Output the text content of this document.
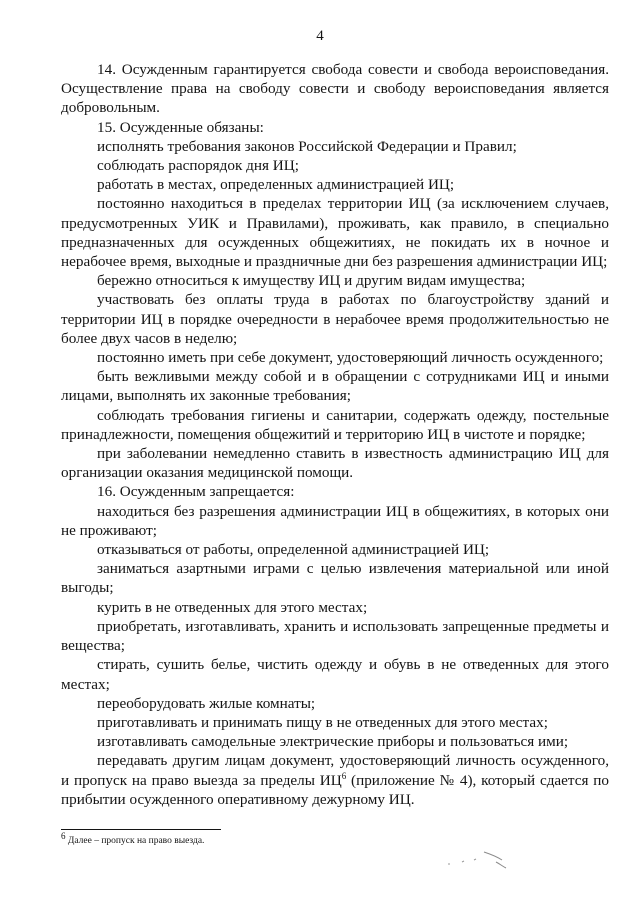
4

14. Осужденным гарантируется свобода совести и свобода вероисповедания. Осуществление права на свободу совести и свободу вероисповедания является добровольным.

15. Осужденные обязаны:

исполнять требования законов Российской Федерации и Правил;

соблюдать распорядок дня ИЦ;

работать в местах, определенных администрацией ИЦ;

постоянно находиться в пределах территории ИЦ (за исключением случаев, предусмотренных УИК и Правилами), проживать, как правило, в специально предназначенных для осужденных общежитиях, не покидать их в ночное и нерабочее время, выходные и праздничные дни без разрешения администрации ИЦ;

бережно относиться к имуществу ИЦ и другим видам имущества;

участвовать без оплаты труда в работах по благоустройству зданий и территории ИЦ в порядке очередности в нерабочее время продолжительностью не более двух часов в неделю;

постоянно иметь при себе документ, удостоверяющий личность осужденного;

быть вежливыми между собой и в обращении с сотрудниками ИЦ и иными лицами, выполнять их законные требования;

соблюдать требования гигиены и санитарии, содержать одежду, постельные принадлежности, помещения общежитий и территорию ИЦ в чистоте и порядке;

при заболевании немедленно ставить в известность администрацию ИЦ для организации оказания медицинской помощи.

16. Осужденным запрещается:

находиться без разрешения администрации ИЦ в общежитиях, в которых они не проживают;

отказываться от работы, определенной администрацией ИЦ;

заниматься азартными играми с целью извлечения материальной или иной выгоды;

курить в не отведенных для этого местах;

приобретать, изготавливать, хранить и использовать запрещенные предметы и вещества;

стирать, сушить белье, чистить одежду и обувь в не отведенных для этого местах;

переоборудовать жилые комнаты;

приготавливать и принимать пищу в не отведенных для этого местах;

изготавливать самодельные электрические приборы и пользоваться ими;

передавать другим лицам документ, удостоверяющий личность осужденного, и пропуск на право выезда за пределы $ИЦ^6$ (приложение № 4), который сдается по прибытии осужденного оперативному дежурному ИЦ.

$^6$ Далее – пропуск на право выезда.
